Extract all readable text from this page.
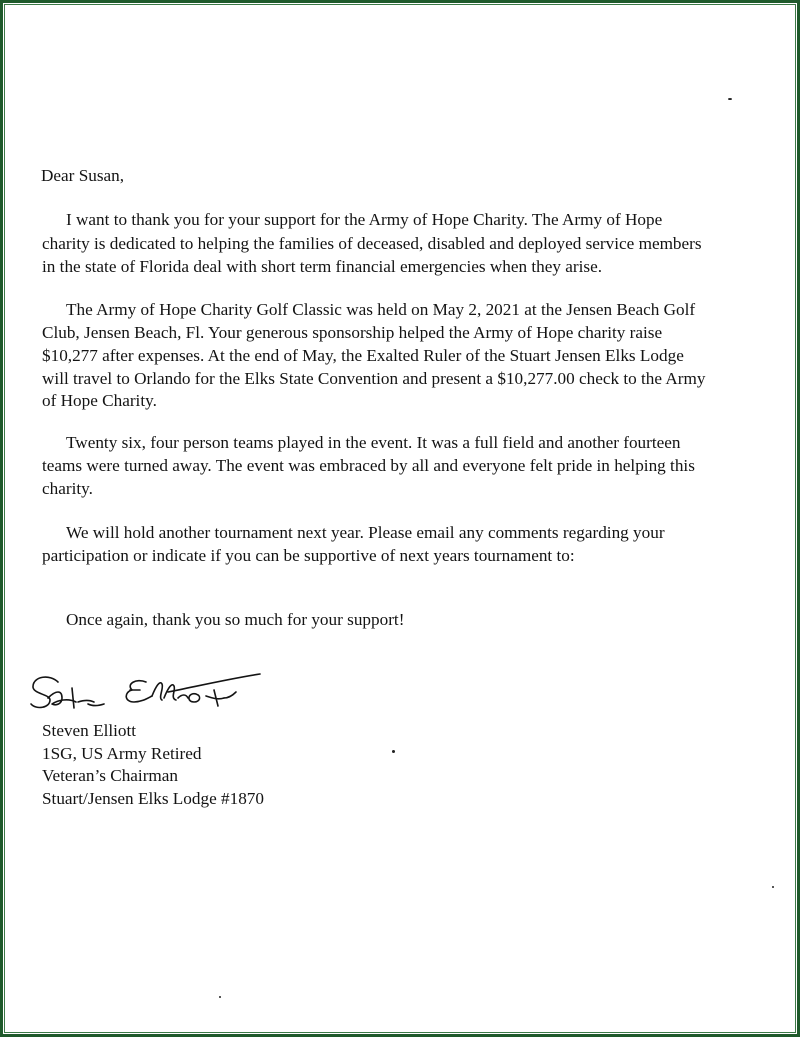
Dear Susan,

I want to thank you for your support for the Army of Hope Charity. The Army of Hope

charity is dedicated to helping the families of deceased, disabled and deployed service members

in the state of Florida deal with short term financial emergencies when they arise.

The Army of Hope Charity Golf Classic was held on May 2, 2021 at the Jensen Beach Golf

Club, Jensen Beach, Fl. Your generous sponsorship helped the Army of Hope charity raise

$10,277 after expenses. At the end of May, the Exalted Ruler of the Stuart Jensen Elks Lodge

will travel to Orlando for the Elks State Convention and present a $10,277.00 check to the Army

of Hope Charity.

Twenty six, four person teams played in the event. It was a full field and another fourteen

teams were turned away. The event was embraced by all and everyone felt pride in helping this

charity.

We will hold another tournament next year. Please email any comments regarding your

participation or indicate if you can be supportive of next years tournament to:

Once again, thank you so much for your support!

Steven Elliott

1SG, US Army Retired

Veteran’s Chairman

Stuart/Jensen Elks Lodge #1870
